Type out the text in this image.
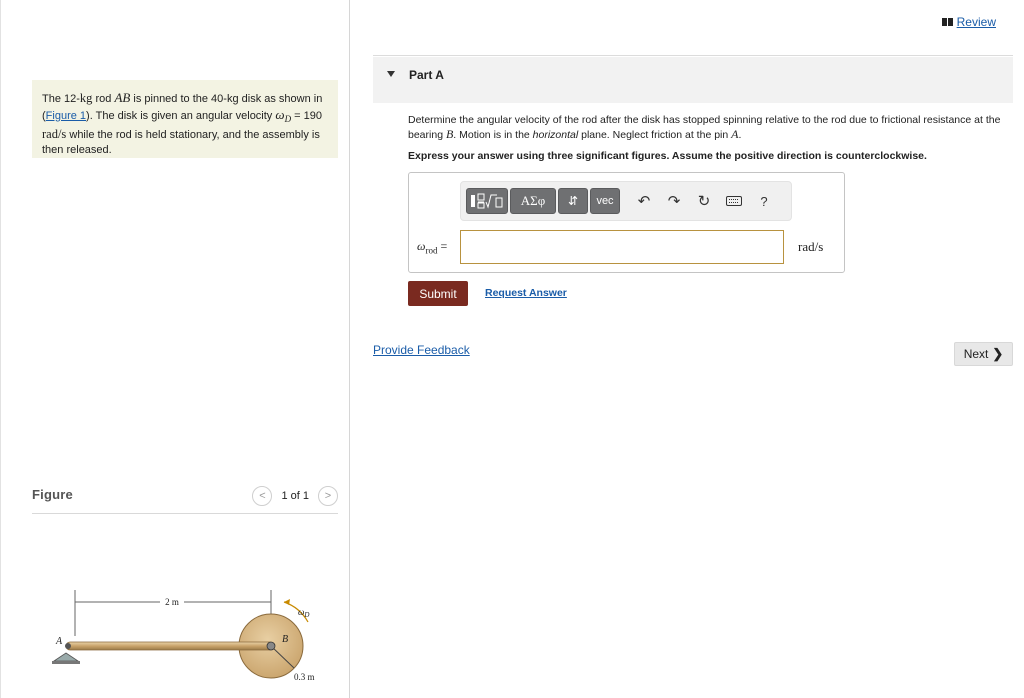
The 12-kg rod AB is pinned to the 40-kg disk as shown in (Figure 1). The disk is given an angular velocity $\omega_D = 190$ rad/s while the rod is held stationary, and the assembly is then released.
Figure	<	1 of 1	>
2 m
A	B
$\omega_D$
0.3 m
Review
Part A
Determine the angular velocity of the rod after the disk has stopped spinning relative to the rod due to frictional resistance at the bearing B. Motion is in the horizontal plane. Neglect friction at the pin A.
Express your answer using three significant figures. Assume the positive direction is counterclockwise.
ΑΣφ	⇵	vec	↶	↷	↻	?
$\omega_{rod}$ =	rad/s
Submit	Request Answer
Provide Feedback	Next ❯
